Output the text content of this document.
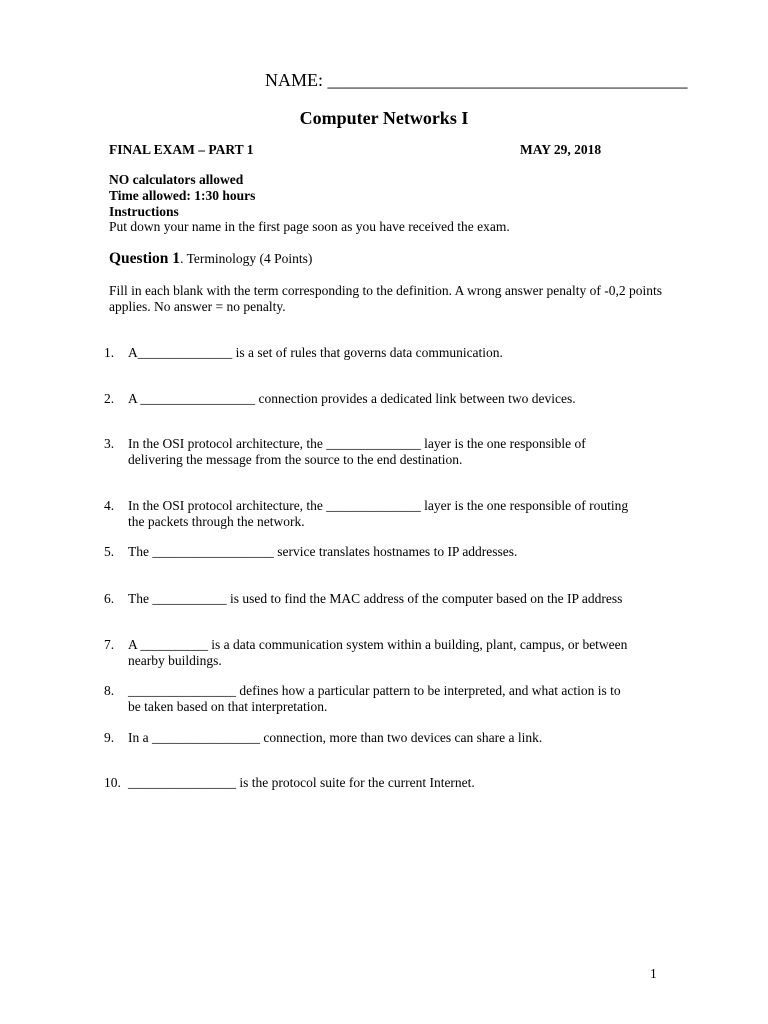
NAME: ________________________________________
Computer Networks I
FINAL EXAM – PART 1	MAY 29, 2018
NO calculators allowed
Time allowed: 1:30 hours
Instructions
Put down your name in the first page soon as you have received the exam.
Question 1. Terminology (4 Points)
Fill in each blank with the term corresponding to the definition. A wrong answer penalty of -0,2 points applies. No answer = no penalty.
1. A______________ is a set of rules that governs data communication.
2. A _________________ connection provides a dedicated link between two devices.
3. In the OSI protocol architecture, the ______________ layer is the one responsible of
delivering the message from the source to the end destination.
4. In the OSI protocol architecture, the ______________ layer is the one responsible of routing
the packets through the network.
5. The __________________ service translates hostnames to IP addresses.
6. The ___________ is used to find the MAC address of the computer based on the IP address
7. A __________ is a data communication system within a building, plant, campus, or between
nearby buildings.
8. ________________ defines how a particular pattern to be interpreted, and what action is to
be taken based on that interpretation.
9. In a ________________ connection, more than two devices can share a link.
10. ________________ is the protocol suite for the current Internet.
1
